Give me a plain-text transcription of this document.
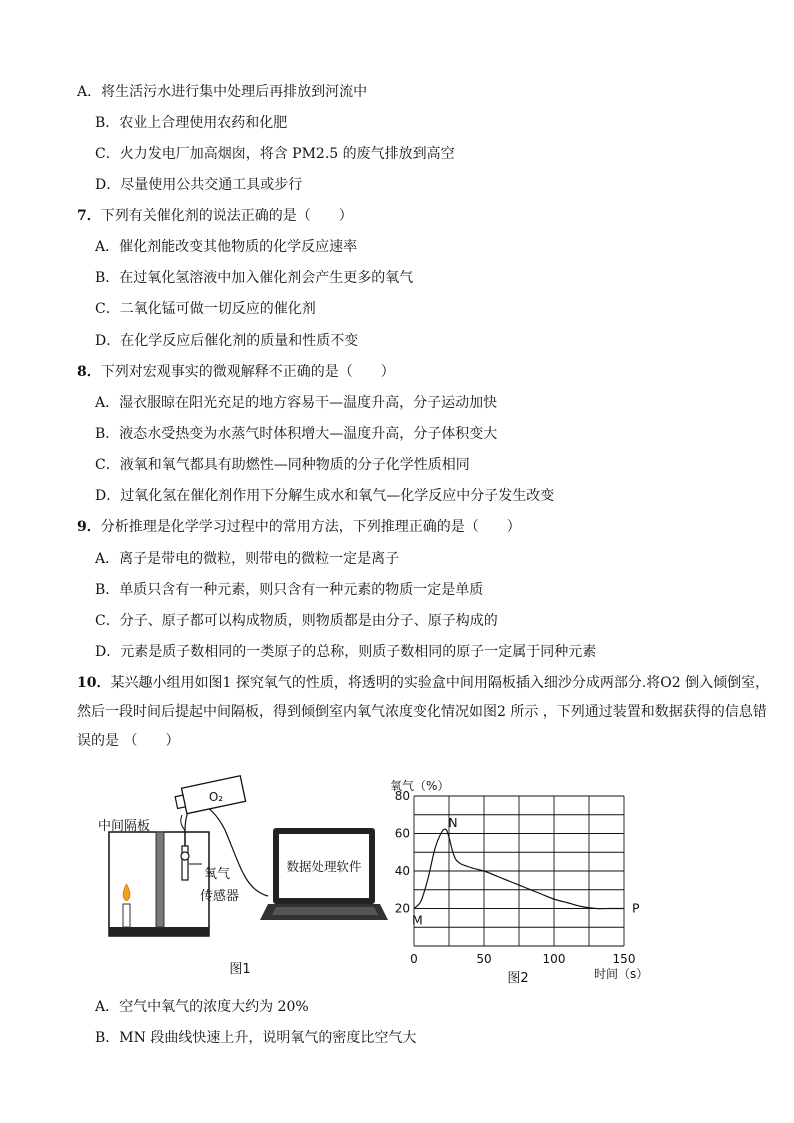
A．将生活污水进行集中处理后再排放到河流中
B．农业上合理使用农药和化肥
C．火力发电厂加高烟囱，将含 PM2.5 的废气排放到高空
D．尽量使用公共交通工具或步行
7．下列有关催化剂的说法正确的是（　　）
A．催化剂能改变其他物质的化学反应速率
B．在过氧化氢溶液中加入催化剂会产生更多的氧气
C．二氧化锰可做一切反应的催化剂
D．在化学反应后催化剂的质量和性质不变
8．下列对宏观事实的微观解释不正确的是（　　）
A．湿衣服晾在阳光充足的地方容易干—温度升高，分子运动加快
B．液态水受热变为水蒸气时体积增大—温度升高，分子体积变大
C．液氧和氧气都具有助燃性—同种物质的分子化学性质相同
D．过氧化氢在催化剂作用下分解生成水和氧气—化学反应中分子发生改变
9．分析推理是化学学习过程中的常用方法，下列推理正确的是（　　）
A．离子是带电的微粒，则带电的微粒一定是离子
B．单质只含有一种元素，则只含有一种元素的物质一定是单质
C．分子、原子都可以构成物质，则物质都是由分子、原子构成的
D．元素是质子数相同的一类原子的总称，则质子数相同的原子一定属于同种元素
10．某兴趣小组用如图1 探究氧气的性质，将透明的实验盒中间用隔板插入细沙分成两部分.将O2 倒入倾倒室，然后一段时间后提起中间隔板，得到倾倒室内氧气浓度变化情况如图2 所示 ，下列通过装置和数据获得的信息错误的是 （　　）
O₂
中间隔板
氧气
传感器
数据处理软件
图1
0	50	100	150
20
40
60
80
M
N
P
氧气（%）
时间（s）
图2
A．空气中氧气的浓度大约为 20%
B．MN 段曲线快速上升，说明氧气的密度比空气大
